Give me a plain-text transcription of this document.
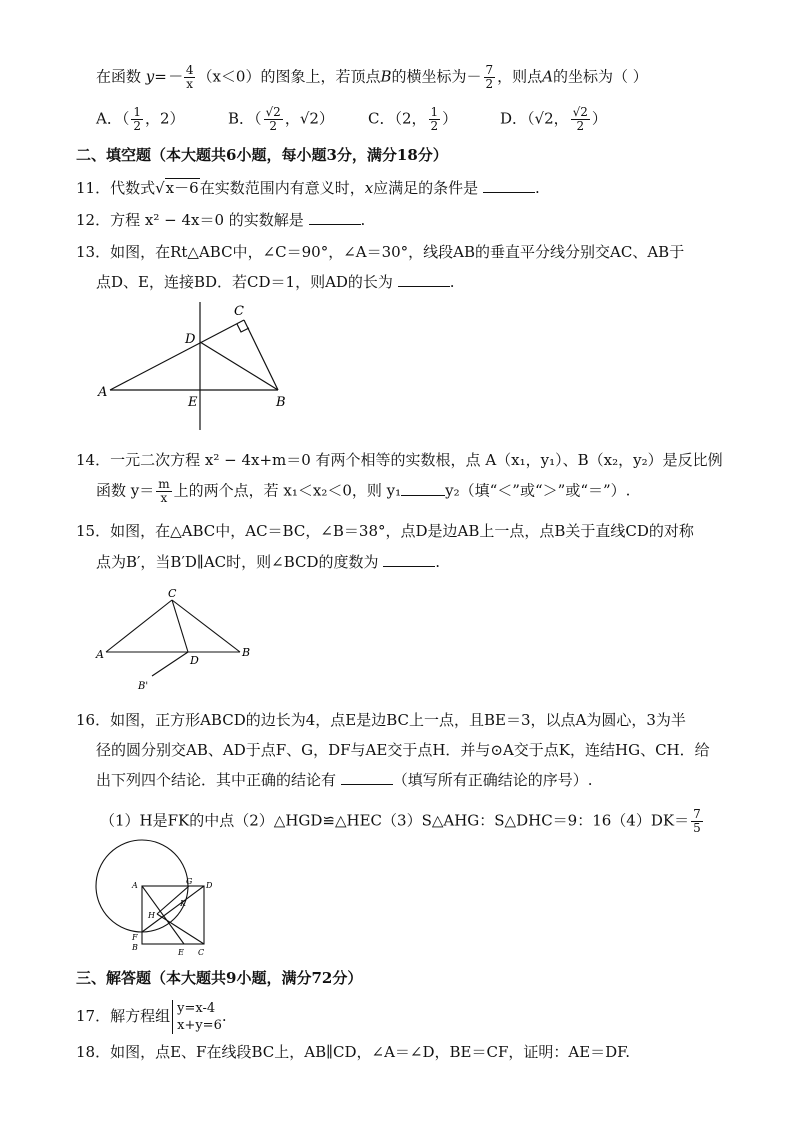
在函数 $y=- \frac{4}{x} (x<0)$的图象上，若顶点B的横坐标为－ $\frac{7}{2}$ ，则点A的坐标为（ ）
A．（ $\frac{1}{2}$ ，2）	B．（ $\frac{√2}{2}$ ，√2） C．（2， $\frac{1}{2}$ ）	D．（√2， $\frac{√2}{2}$ ）
二、填空题（本大题共6小题，每小题3分，满分18分）
11．代数式√x－6在实数范围内有意义时，x应满足的条件是	.
12．方程 x² − 4x＝0 的实数解是	.
13．如图，在Rt△ABC中，∠C＝90°，∠A＝30°，线段AB的垂直平分线分别交AC、AB于
点D、E，连接BD．若CD＝1，则AD的长为	.
A
B
C
D
E
14．一元二次方程 x² − 4x+m＝0 有两个相等的实数根，点 A（x₁，y₁）、B（x₂，y₂）是反比例
函数 $y= \frac{m}{x}$ 上的两个点，若 x₁＜x₂＜0，则 y₁	y₂（填“＜”或“＞”或“＝”）.
15．如图，在△ABC中，AC＝BC，∠B＝38°，点D是边AB上一点，点B关于直线CD的对称
点为B′，当B′D∥AC时，则∠BCD的度数为	.
A	B
C
D
B'
16．如图，正方形ABCD的边长为4，点E是边BC上一点，且BE＝3，以点A为圆心，3为半
径的圆分别交AB、AD于点F、G，DF与AE交于点H．并与⊙A交于点K，连结HG、CH．给
出下列四个结论．其中正确的结论有	（填写所有正确结论的序号）.
（1）H是FK的中点（2）△HGD≌△HEC（3）S△AHG：S△DHC＝9：$16(4)DK= \frac{7}{5}$
A
B
C
D
E
F
G
H
K
三、解答题（本大题共9小题，满分72分）
17．解方程组 y=x-4
x+y=6
.
18．如图，点E、F在线段BC上，AB∥CD，∠A＝∠D，BE＝CF，证明：AE＝DF.
